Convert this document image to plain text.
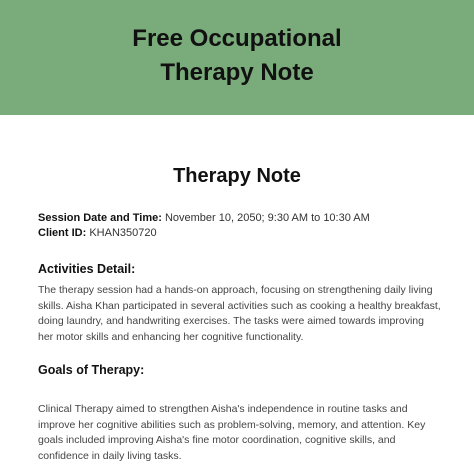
Free Occupational
Therapy Note
Therapy Note
Session Date and Time: November 10, 2050; 9:30 AM to 10:30 AM
Client ID: KHAN350720
Activities Detail:
The therapy session had a hands-on approach, focusing on strengthening daily living skills. Aisha Khan participated in several activities such as cooking a healthy breakfast, doing laundry, and handwriting exercises. The tasks were aimed towards improving her motor skills and enhancing her cognitive functionality.
Goals of Therapy:
Clinical Therapy aimed to strengthen Aisha's independence in routine tasks and improve her cognitive abilities such as problem-solving, memory, and attention. Key goals included improving Aisha's fine motor coordination, cognitive skills, and confidence in daily living tasks.
